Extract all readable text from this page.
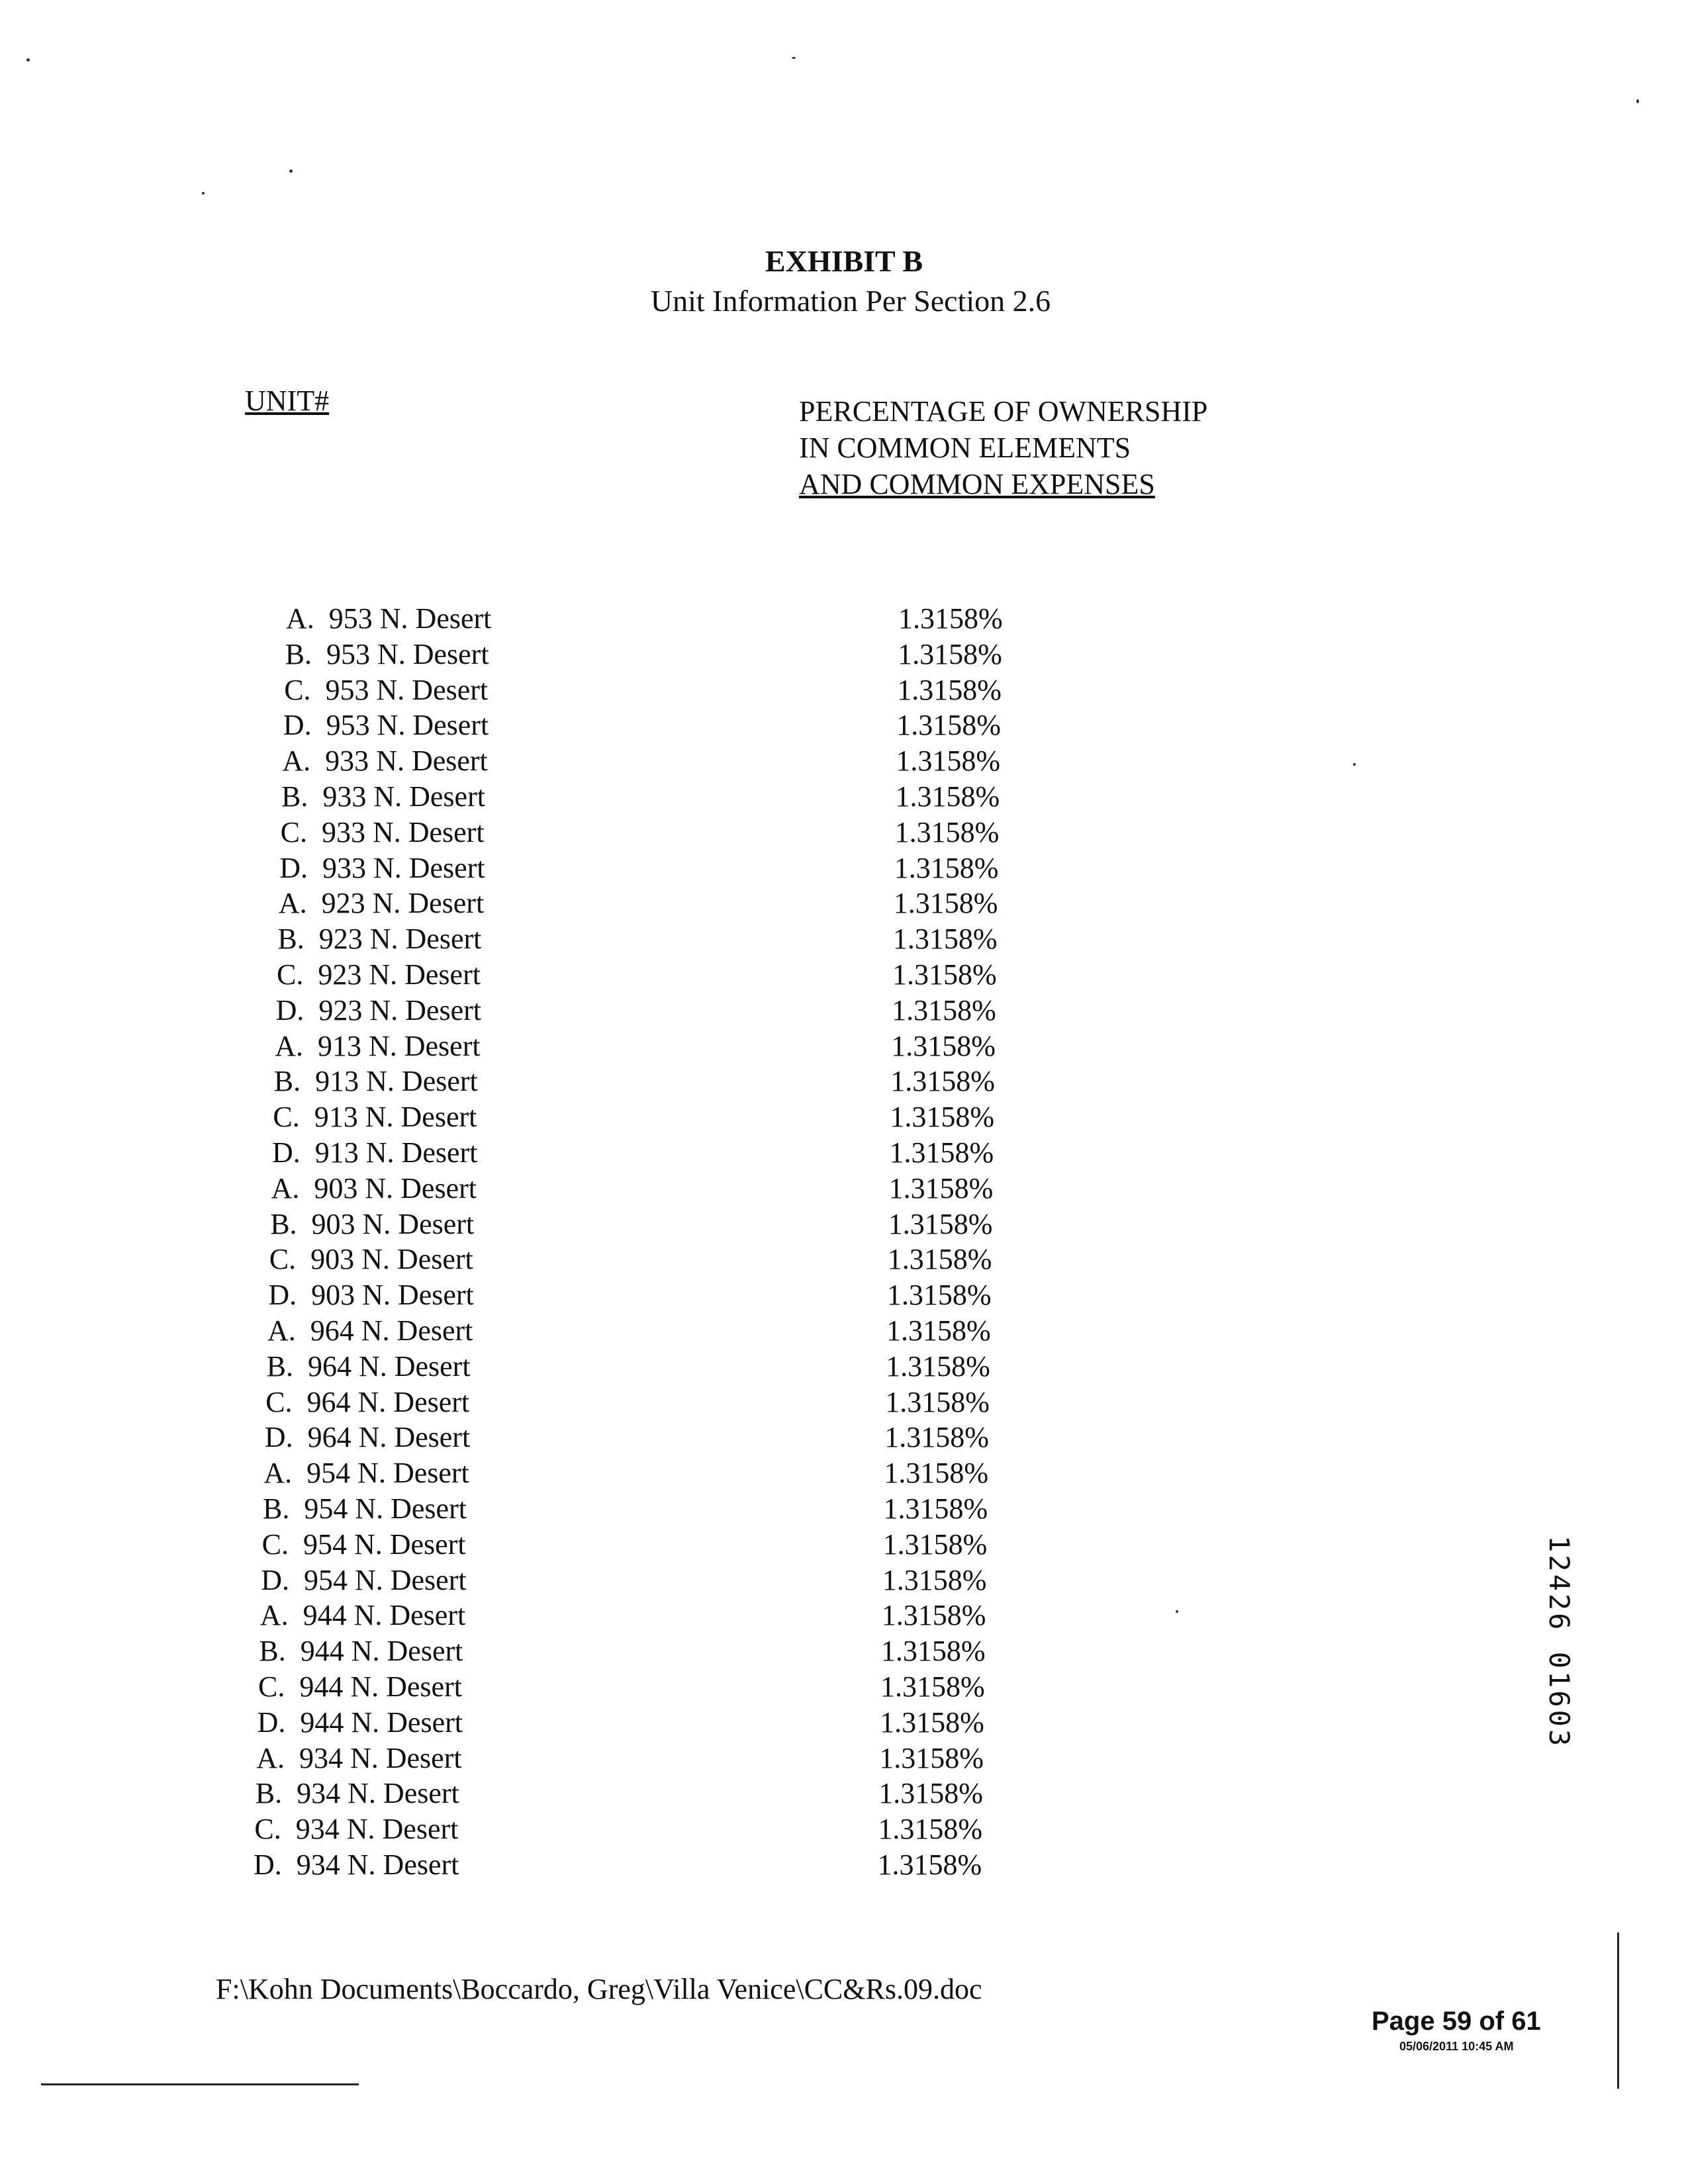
EXHIBIT B
Unit Information Per Section 2.6
UNIT#	PERCENTAGE OF OWNERSHIP
IN COMMON ELEMENTS
AND COMMON EXPENSES
A.  953 N. Desert	1.3158%
B.  953 N. Desert	1.3158%
C.  953 N. Desert	1.3158%
D.  953 N. Desert	1.3158%
A.  933 N. Desert	1.3158%
B.  933 N. Desert	1.3158%
C.  933 N. Desert	1.3158%
D.  933 N. Desert	1.3158%
A.  923 N. Desert	1.3158%
B.  923 N. Desert	1.3158%
C.  923 N. Desert	1.3158%
D.  923 N. Desert	1.3158%
A.  913 N. Desert	1.3158%
B.  913 N. Desert	1.3158%
C.  913 N. Desert	1.3158%
D.  913 N. Desert	1.3158%
A.  903 N. Desert	1.3158%
B.  903 N. Desert	1.3158%
C.  903 N. Desert	1.3158%
D.  903 N. Desert	1.3158%
A.  964 N. Desert	1.3158%
B.  964 N. Desert	1.3158%
C.  964 N. Desert	1.3158%
D.  964 N. Desert	1.3158%
A.  954 N. Desert	1.3158%
B.  954 N. Desert	1.3158%
C.  954 N. Desert	1.3158%
D.  954 N. Desert	1.3158%
A.  944 N. Desert	1.3158%
B.  944 N. Desert	1.3158%
C.  944 N. Desert	1.3158%
D.  944 N. Desert	1.3158%
A.  934 N. Desert	1.3158%
B.  934 N. Desert	1.3158%
C.  934 N. Desert	1.3158%
D.  934 N. Desert	1.3158%
F:\Kohn Documents\Boccardo, Greg\Villa Venice\CC&Rs.09.doc
Page 59 of 61
05/06/2011 10:45 AM
12426 01603
